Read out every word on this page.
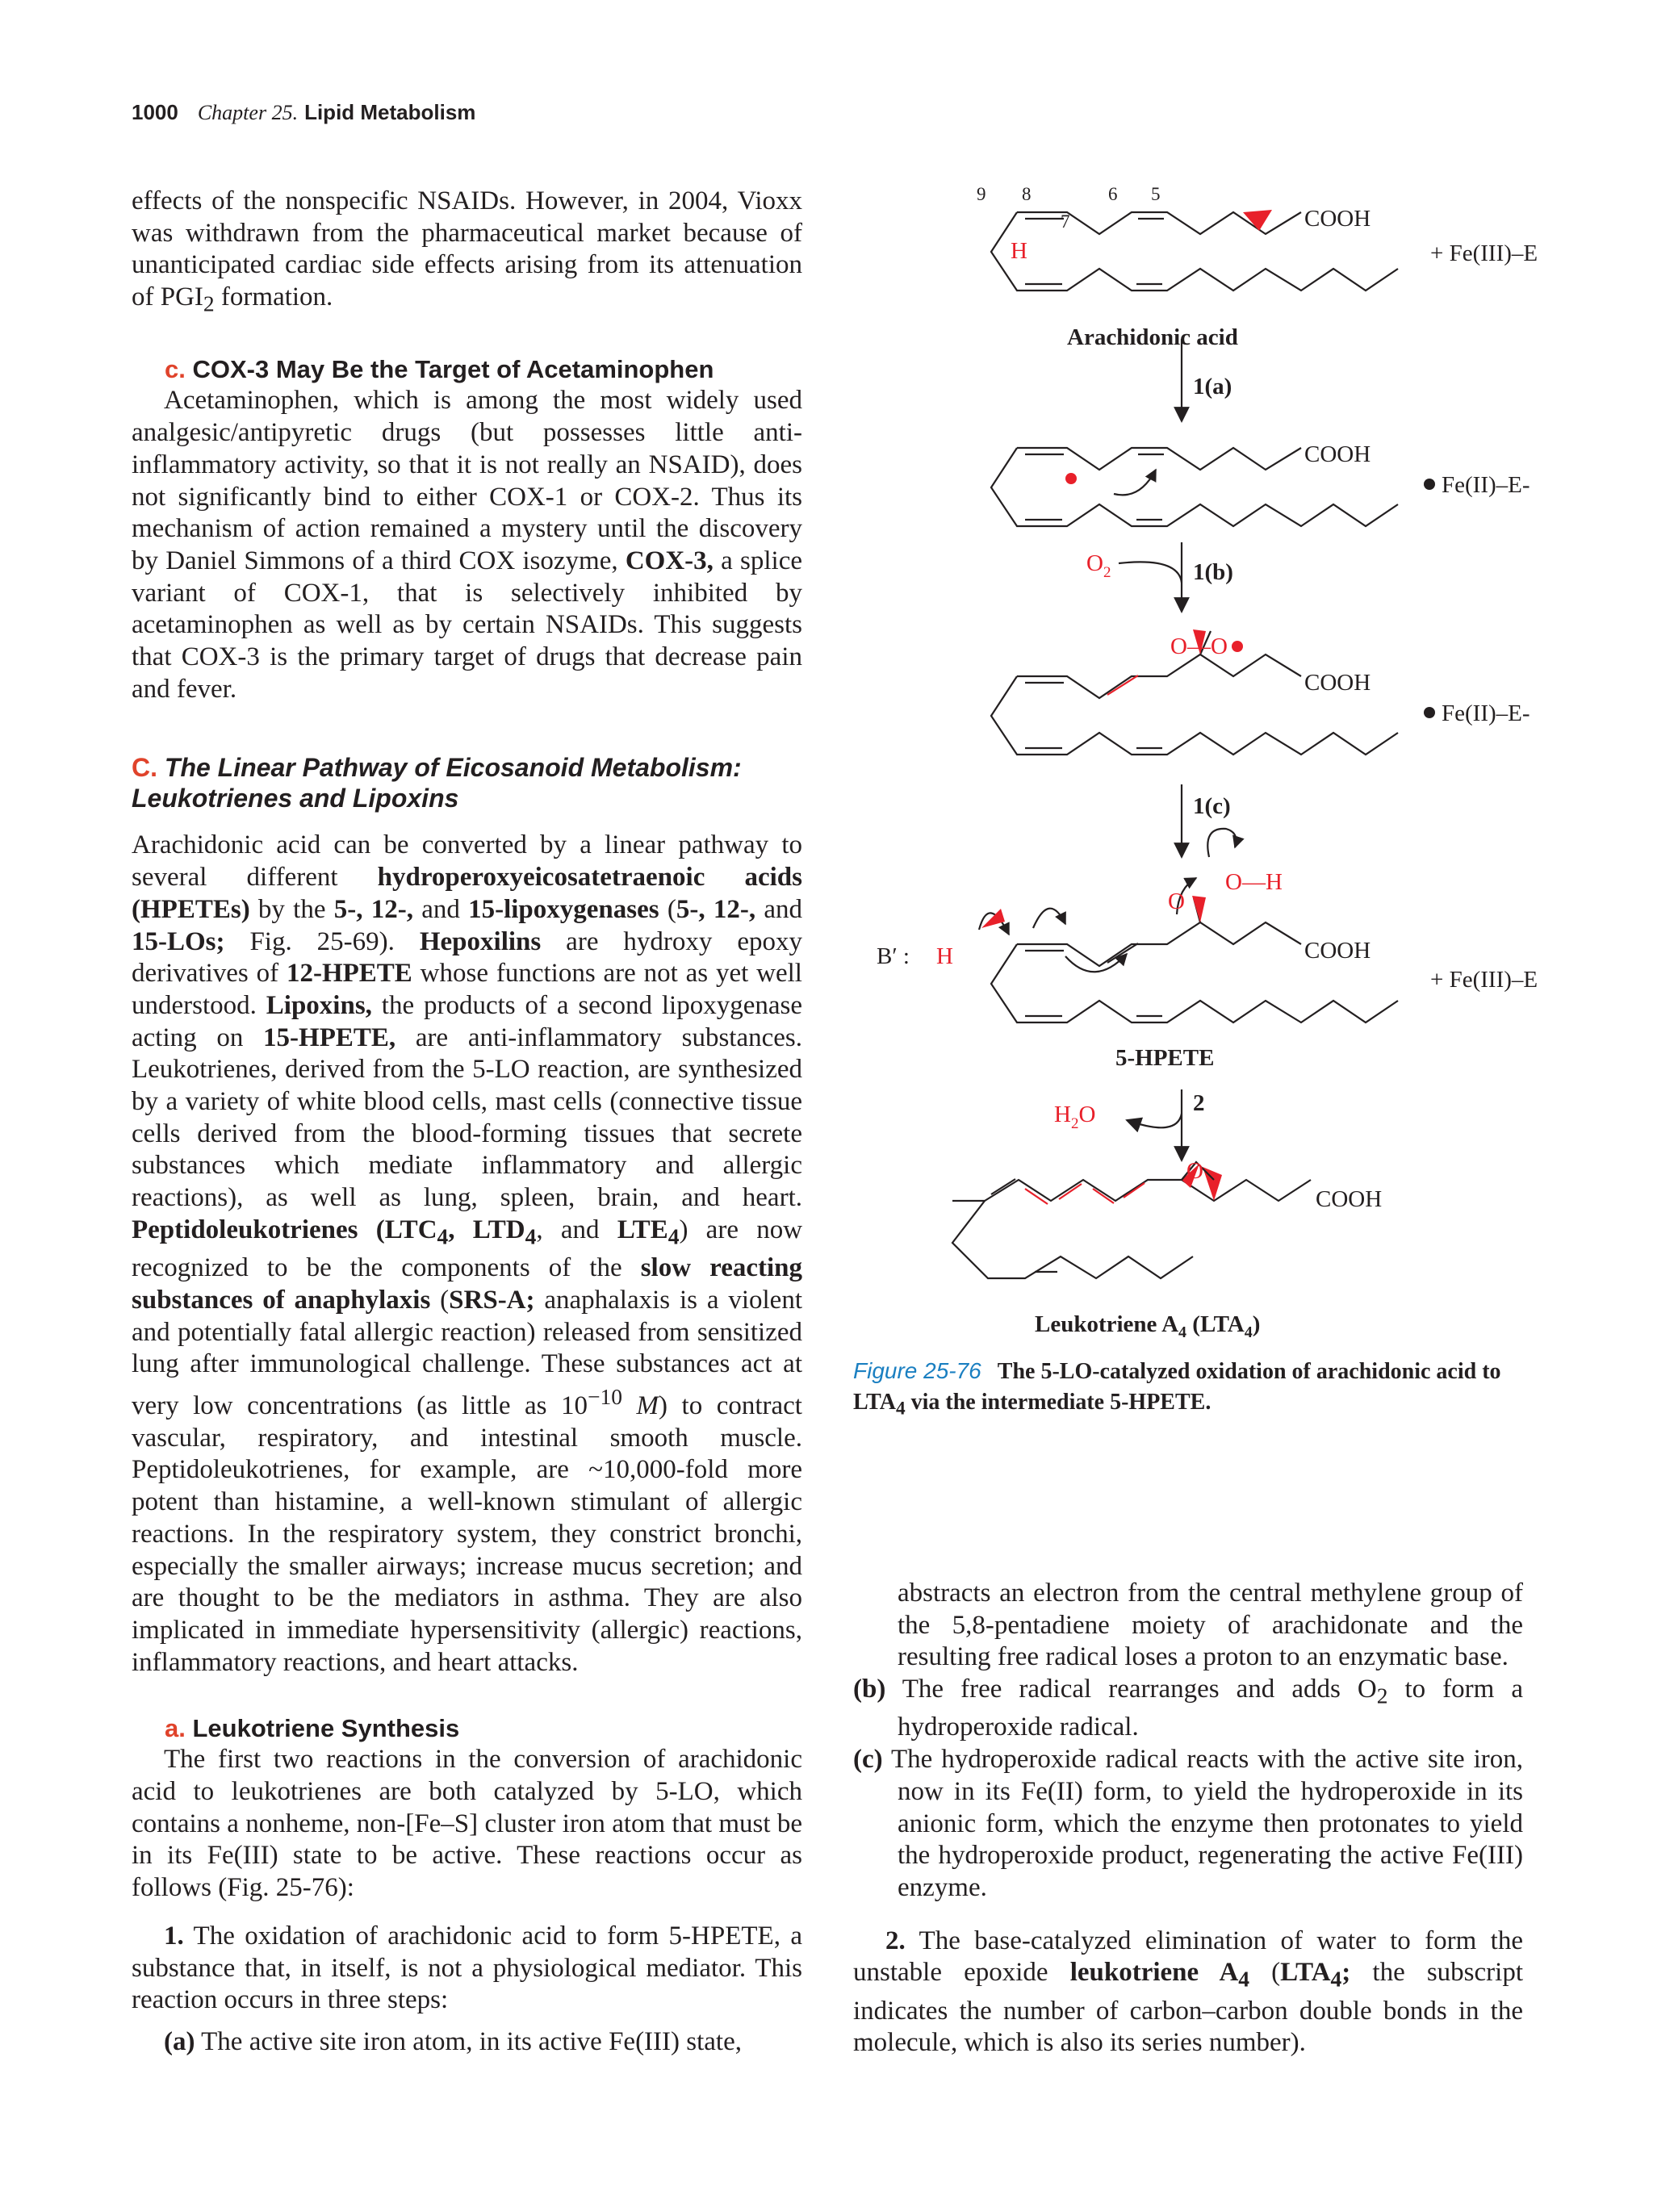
1000 Chapter 25. Lipid Metabolism

effects of the nonspecific NSAIDs. However, in 2004, Vioxx was withdrawn from the pharmaceutical market because of unanticipated cardiac side effects arising from its attenuation of $PGI_2$ formation.

c. COX-3 May Be the Target of Acetaminophen

Acetaminophen, which is among the most widely used analgesic/antipyretic drugs (but possesses little anti-inflammatory activity, so that it is not really an NSAID), does not significantly bind to either COX-1 or COX-2. Thus its mechanism of action remained a mystery until the discovery by Daniel Simmons of a third COX isozyme, COX-3, a splice variant of COX-1, that is selectively inhibited by acetaminophen as well as by certain NSAIDs. This suggests that COX-3 is the primary target of drugs that decrease pain and fever.

C. The Linear Pathway of Eicosanoid Metabolism:
Leukotrienes and Lipoxins

Arachidonic acid can be converted by a linear pathway to several different hydroperoxyeicosatetraenoic acids (HPETEs) by the 5-, 12-, and 15-lipoxygenases (5-, 12-, and 15-LOs; Fig. 25-69). Hepoxilins are hydroxy epoxy derivatives of 12-HPETE whose functions are not as yet well understood. Lipoxins, the products of a second lipoxygenase acting on 15-HPETE, are anti-inflammatory substances. Leukotrienes, derived from the 5-LO reaction, are synthesized by a variety of white blood cells, mast cells (connective tissue cells derived from the blood-forming tissues that secrete substances which mediate inflammatory and allergic reactions), as well as lung, spleen, brain, and heart. Peptidoleukotrienes ($LTC_4$, $LTD_4$, and $LTE_4$) are now recognized to be the components of the slow reacting substances of anaphylaxis (SRS-A; anaphalaxis is a violent and potentially fatal allergic reaction) released from sensitized lung after immunological challenge. These substances act at very low concentrations (as little as $10^{-10}$ M) to contract vascular, respiratory, and intestinal smooth muscle. Peptidoleukotrienes, for example, are ~10,000-fold more potent than histamine, a well-known stimulant of allergic reactions. In the respiratory system, they constrict bronchi, especially the smaller airways; increase mucus secretion; and are thought to be the mediators in asthma. They are also implicated in immediate hypersensitivity (allergic) reactions, inflammatory reactions, and heart attacks.

a. Leukotriene Synthesis

The first two reactions in the conversion of arachidonic acid to leukotrienes are both catalyzed by 5-LO, which contains a nonheme, non-[Fe–S] cluster iron atom that must be in its Fe(III) state to be active. These reactions occur as follows (Fig. 25-76):

1. The oxidation of arachidonic acid to form 5-HPETE, a substance that, in itself, is not a physiological mediator. This reaction occurs in three steps:

(a) The active site iron atom, in its active Fe(III) state,

9 8
7
6 5
COOH
COOH
COOH
COOH
COOH
+ Fe(III)–E
Fe(II)–E-
Fe(II)–E-
+ Fe(III)–E
H
H
$O_2$
O—O
O
O—H
$H_2O$
O
B′ :
Arachidonic acid
1(a)
1(b)
1(c)
5-HPETE
2
Leukotriene $A_4$ $(LTA_4)$
Figure 25-76 The 5-LO-catalyzed oxidation of arachidonic acid to $LTA_4$ via the intermediate 5-HPETE.

abstracts an electron from the central methylene group of the 5,8-pentadiene moiety of arachidonate and the resulting free radical loses a proton to an enzymatic base.

(b) The free radical rearranges and adds $O_2$ to form a hydroperoxide radical.

(c) The hydroperoxide radical reacts with the active site iron, now in its Fe(II) form, to yield the hydroperoxide in its anionic form, which the enzyme then protonates to yield the hydroperoxide product, regenerating the active Fe(III) enzyme.

2. The base-catalyzed elimination of water to form the unstable epoxide leukotriene $A_4$ ($LTA_4$; the subscript indicates the number of carbon–carbon double bonds in the molecule, which is also its series number).
